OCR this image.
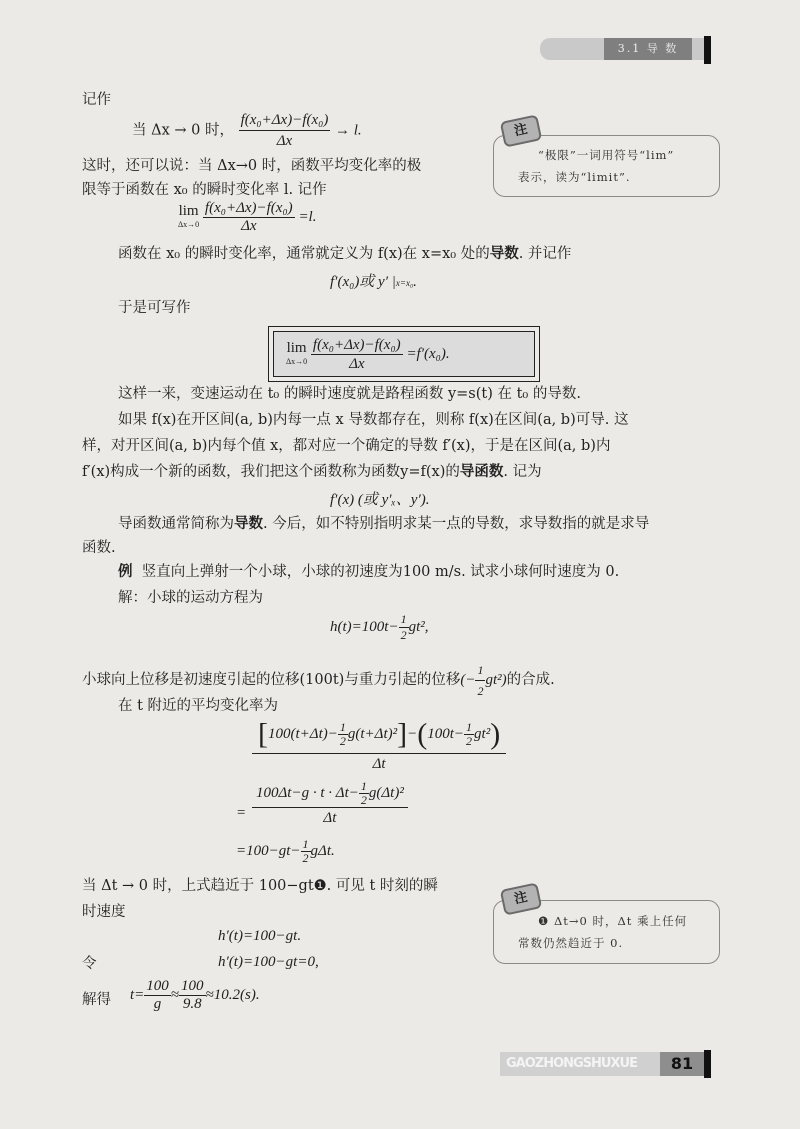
3.1 导 数
注
“极限”一词用符号“lim”
表示，读为“limit”.
注
❶ Δt→0 时，Δt 乘上任何
常数仍然趋近于 0.
记作
当 Δx → 0 时， $\frac{\text{f(x₀+Δx)−f(x₀)}}{\Delta x} \to l$.
这时，还可以说：当 Δx→0 时，函数平均变化率的极
限等于函数在 x₀ 的瞬时变化率 l. 记作
lim
Δx→0
$\frac{\text{f(x₀+Δx)−f(x₀)}}{\Delta x} =l$.
函数在 x₀ 的瞬时变化率，通常就定义为 f(x)在 x=x₀ 处的导数. 并记作
f′(x₀)或 y′ |x=x₀.
于是可写作
lim
Δx→0
$\frac{\text{f(x₀+Δx)−f(x₀)}}{\Delta x} =f'(x_0)$.
这样一来，变速运动在 t₀ 的瞬时速度就是路程函数 y=s(t) 在 t₀ 的导数.
如果 f(x)在开区间(a, b)内每一点 x 导数都存在，则称 f(x)在区间(a, b)可导. 这
样，对开区间(a, b)内每个值 x，都对应一个确定的导数 f′(x)，于是在区间(a, b)内
f′(x)构成一个新的函数，我们把这个函数称为函数y=f(x)的导函数. 记为
f′(x) (或 y′ₓ、y′).
导函数通常简称为导数. 今后，如不特别指明求某一点的导数，求导数指的就是求导
函数.
例 竖直向上弹射一个小球，小球的初速度为100 m/s. 试求小球何时速度为 0.
解：小球的运动方程为
$h(t)=100t- \frac{1}{2} gt^2$,
小球向上位移是初速度引起的位移(100t)与重力引起的位移(− $\frac{1}{2} gt^2$)的合成.
在 t 附近的平均变化率为
$\frac{[100(t+\Delta t)- \frac{1}{2} g(t+\Delta t)^2]-(100t- \frac{1}{2} gt^2)}{\Delta t}$
= $\frac{100\Delta t-g \cdot t \cdot \Delta t- \frac{1}{2} g(\Delta t)^2}{\Delta t}$
$=100-gt- \frac{1}{2} g\Delta t$.
当 Δt → 0 时，上式趋近于 100−gt❶. 可见 t 时刻的瞬
时速度
h′(t)=100−gt.
令	h′(t)=100−gt=0,
解得 $t= \frac{100}{g} \approx \frac{100}{9.8} \approx 10.2(s)$.
GAOZHONGSHUXUE	81
